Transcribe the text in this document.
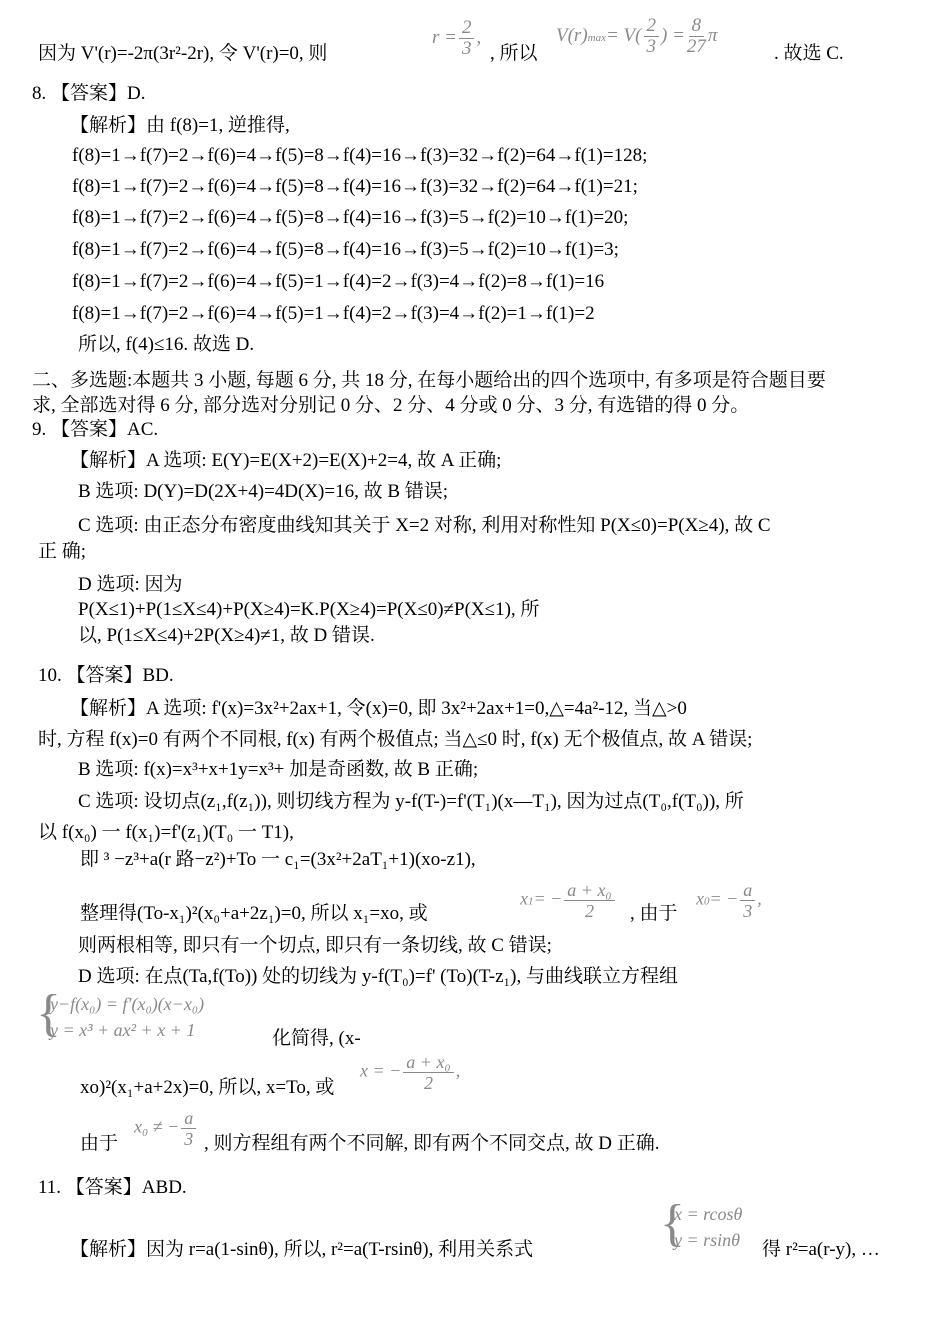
因为 V'(r)=-2π(3r²-2r), 令 V'(r)=0, 则
$r = \frac{2}{3}$ ,
, 所以
$V(r)\max= V( \frac{2}{3}$ ) = $\frac{8}{27}$ π
. 故选 C.
8. 【答案】D.
【解析】由 f(8)=1, 逆推得,
f(8)=1→f(7)=2→f(6)=4→f(5)=8→f(4)=16→f(3)=32→f(2)=64→f(1)=128;
f(8)=1→f(7)=2→f(6)=4→f(5)=8→f(4)=16→f(3)=32→f(2)=64→f(1)=21;
f(8)=1→f(7)=2→f(6)=4→f(5)=8→f(4)=16→f(3)=5→f(2)=10→f(1)=20;
f(8)=1→f(7)=2→f(6)=4→f(5)=8→f(4)=16→f(3)=5→f(2)=10→f(1)=3;
f(8)=1→f(7)=2→f(6)=4→f(5)=1→f(4)=2→f(3)=4→f(2)=8→f(1)=16
f(8)=1→f(7)=2→f(6)=4→f(5)=1→f(4)=2→f(3)=4→f(2)=1→f(1)=2
所以, f(4)≤16. 故选 D.
二、多选题:本题共 3 小题, 每题 6 分, 共 18 分, 在每小题给出的四个选项中, 有多项是符合题目要
求, 全部选对得 6 分, 部分选对分别记 0 分、2 分、4 分或 0 分、3 分, 有选错的得 0 分。
9. 【答案】AC.
【解析】A 选项: E(Y)=E(X+2)=E(X)+2=4, 故 A 正确;
B 选项: D(Y)=D(2X+4)=4D(X)=16, 故 B 错误;
C 选项: 由正态分布密度曲线知其关于 X=2 对称, 利用对称性知 P(X≤0)=P(X≥4), 故 C
正 确;
D 选项: 因为
P(X≤1)+P(1≤X≤4)+P(X≥4)=K.P(X≥4)=P(X≤0)≠P(X≤1), 所
以, P(1≤X≤4)+2P(X≥4)≠1, 故 D 错误.
10. 【答案】BD.
【解析】A 选项: f'(x)=3x²+2ax+1, 令(x)=0, 即 3x²+2ax+1=0,△=4a²-12, 当△>0
时, 方程 f(x)=0 有两个不同根, f(x) 有两个极值点; 当△≤0 时, f(x) 无个极值点, 故 A 错误;
B 选项: f(x)=x³+x+1y=x³+ 加是奇函数, 故 B 正确;
C 选项: 设切点(z₁,f(z₁)), 则切线方程为 y-f(T-)=f'(T₁)(x—T₁), 因为过点(T₀,f(T₀)), 所
以 f(x₀) 一 f(x₁)=f'(z₁)(T₀ 一 T1),
即 ³ −z³+a(r 路−z²)+To 一 c₁=(3x²+2aT₁+1)(xo-z1),
整理得(To-x₁)²(x₀+a+2z₁)=0, 所以 x₁=xo, 或
$x1= - \frac{\text{a + x₀}}{2}$ , 由于
$x0= - \frac{a}{3}$ ,
则两根相等, 即只有一个切点, 即只有一条切线, 故 C 错误;
D 选项: 在点(Ta,f(To)) 处的切线为 y-f(T₀)=f' (To)(T-z₁), 与曲线联立方程组
{
y−f(x₀) = f′(x₀)(x−x₀)
y = x³ + ax² + x + 1	化简得, (x-
xo)²(x₁+a+2x)=0, 所以, x=To, 或
x = − $\frac{\text{a + x₀}}{2}$ ,
由于
x₀ ≠ − $\frac{a}{3}$ , 则方程组有两个不同解, 即有两个不同交点, 故 D 正确.
11. 【答案】ABD.
【解析】因为 r=a(1-sinθ), 所以, r²=a(T-rsinθ), 利用关系式 {
x = rcosθ
y = rsinθ 得 r²=a(r-y), …
